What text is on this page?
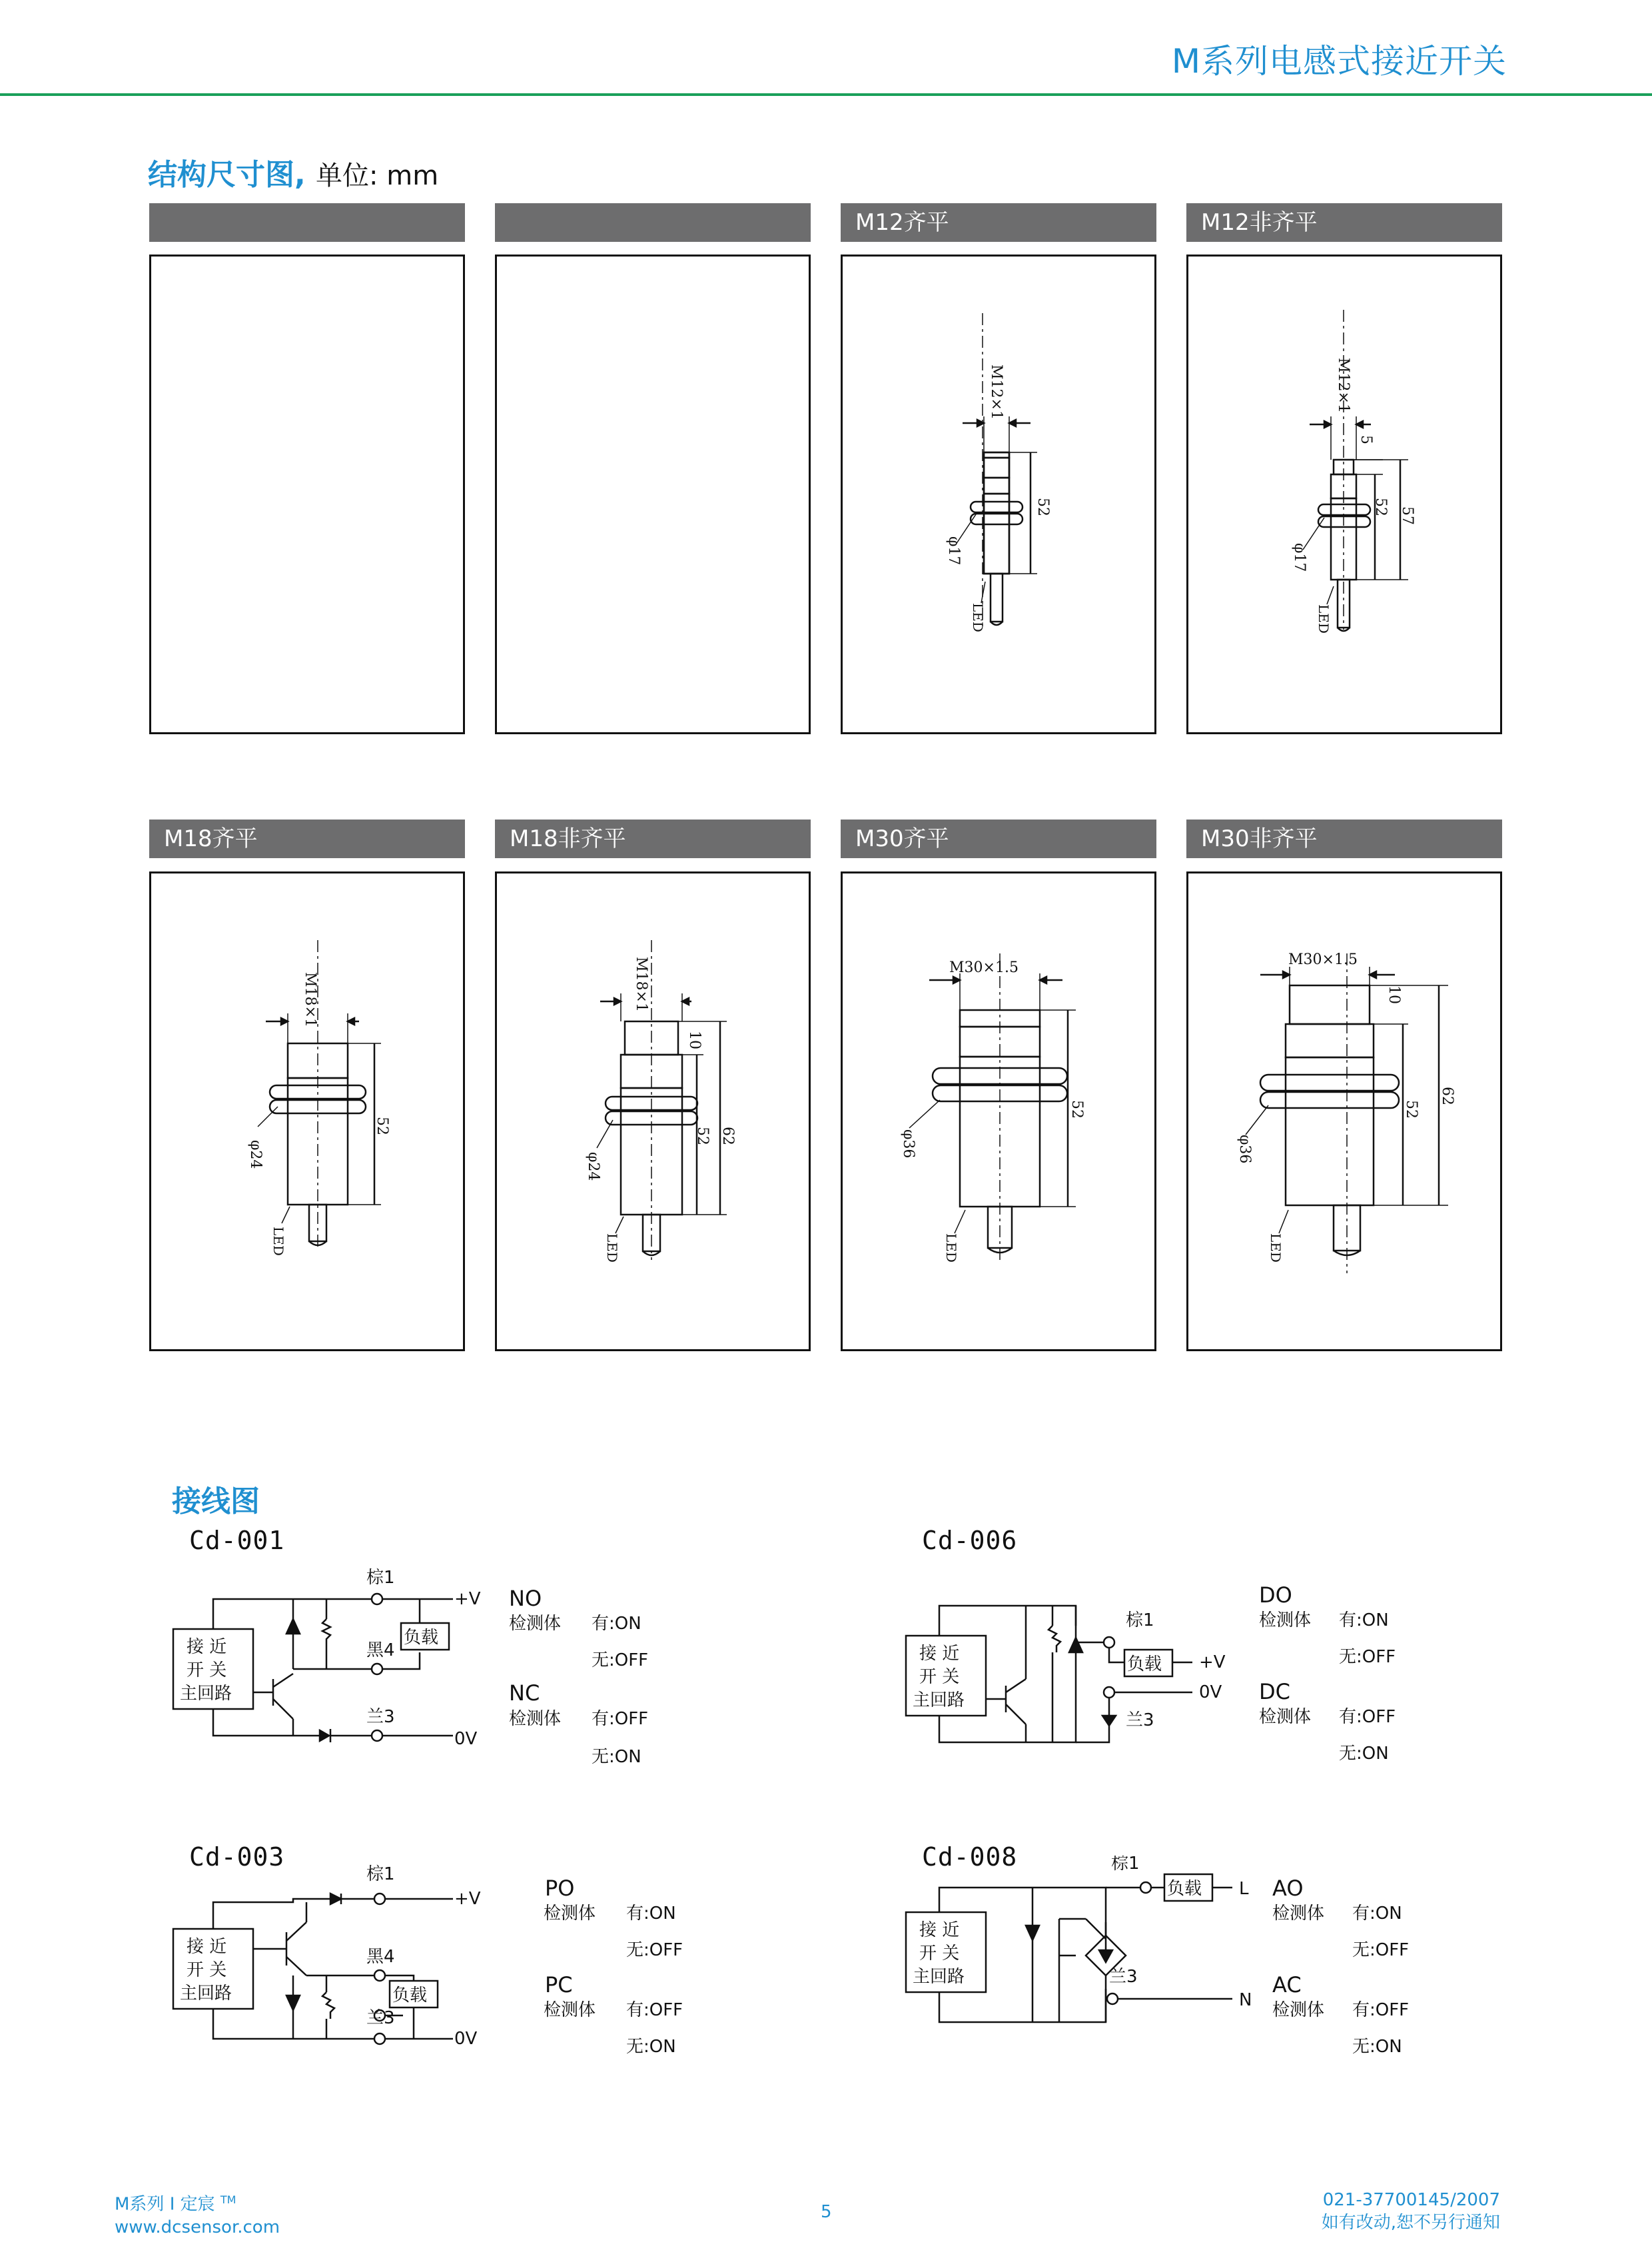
M系列电感式接近开关
结构尺寸图, 单位: mm
M12齐平	M12非齐平
M12×1
52
φ17
LED
M12×1
5
52 57
φ17
LED
M18齐平	M18非齐平	M30齐平	M30非齐平
M18×1
52
φ24
LED
M18×1
10
52 62
φ24
LED
M30×1.5
52
φ36
LED
M30×1.5
10
52
62
φ36
LED
接线图
Cd-001	Cd-006
Cd-003	Cd-008
接 近
开 关
主回路
负载
棕1
黑4
兰3
+V
0V
NO
检测体 有:ON
无:OFF
NC
检测体 有:OFF
无:ON
接 近
开 关
主回路
负载
棕1
兰3
+V
0V
DO
检测体 有:ON
无:OFF
DC
检测体 有:OFF
无:ON
接 近
开 关
主回路	负载
棕1
黑4
兰3
+V
0V
PO
检测体 有:ON
无:OFF
PC
检测体 有:OFF
无:ON
接 近
开 关
主回路
负载
棕1
兰3
L
N
AO
检测体 有:ON
无:OFF
AC
检测体 有:OFF
无:ON
M系列 I 定宸 ™
www.dcsensor.com
5
021-37700145/2007
如有改动,恕不另行通知
